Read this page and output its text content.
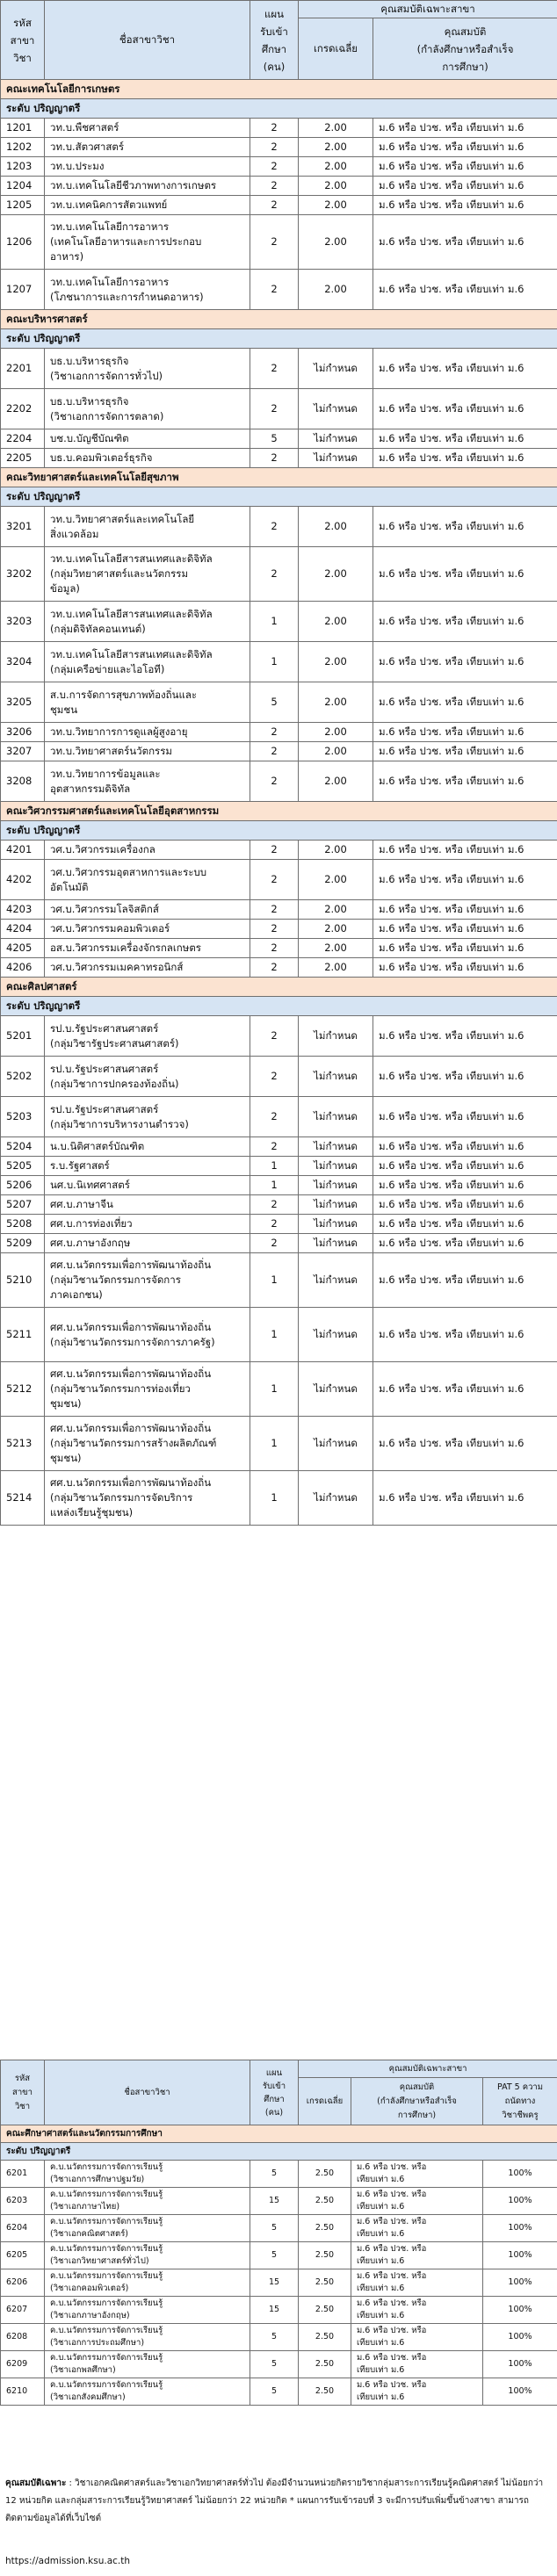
รหัส
สาขา
วิชา	ชื่อสาขาวิชา	แผน
รับเข้า
ศึกษา
(คน)	คุณสมบัติเฉพาะสาขา	
			เกรดเฉลี่ย	คุณสมบัติ
(กำลังศึกษาหรือสำเร็จ
การศึกษา)
คณะเทคโนโลยีการเกษตร				
ระดับ ปริญญาตรี				
1201	วท.บ.พืชศาสตร์	2	2.00	ม.6 หรือ ปวช. หรือ เทียบเท่า ม.6
1202	วท.บ.สัตวศาสตร์	2	2.00	ม.6 หรือ ปวช. หรือ เทียบเท่า ม.6
1203	วท.บ.ประมง	2	2.00	ม.6 หรือ ปวช. หรือ เทียบเท่า ม.6
1204	วท.บ.เทคโนโลยีชีวภาพทางการเกษตร	2	2.00	ม.6 หรือ ปวช. หรือ เทียบเท่า ม.6
1205	วท.บ.เทคนิคการสัตวแพทย์	2	2.00	ม.6 หรือ ปวช. หรือ เทียบเท่า ม.6
1206	วท.บ.เทคโนโลยีการอาหาร
(เทคโนโลยีอาหารและการประกอบ
อาหาร)	2	2.00	ม.6 หรือ ปวช. หรือ เทียบเท่า ม.6
1207	วท.บ.เทคโนโลยีการอาหาร
(โภชนาการและการกำหนดอาหาร)	2	2.00	ม.6 หรือ ปวช. หรือ เทียบเท่า ม.6
คณะบริหารศาสตร์				
ระดับ ปริญญาตรี				
2201	บธ.บ.บริหารธุรกิจ
(วิชาเอกการจัดการทั่วไป)	2	ไม่กำหนด	ม.6 หรือ ปวช. หรือ เทียบเท่า ม.6
2202	บธ.บ.บริหารธุรกิจ
(วิชาเอกการจัดการตลาด)	2	ไม่กำหนด	ม.6 หรือ ปวช. หรือ เทียบเท่า ม.6
2204	บช.บ.บัญชีบัณฑิต	5	ไม่กำหนด	ม.6 หรือ ปวช. หรือ เทียบเท่า ม.6
2205	บธ.บ.คอมพิวเตอร์ธุรกิจ	2	ไม่กำหนด	ม.6 หรือ ปวช. หรือ เทียบเท่า ม.6
คณะวิทยาศาสตร์และเทคโนโลยีสุขภาพ				
ระดับ ปริญญาตรี				
3201	วท.บ.วิทยาศาสตร์และเทคโนโลยี
สิ่งแวดล้อม	2	2.00	ม.6 หรือ ปวช. หรือ เทียบเท่า ม.6
3202	วท.บ.เทคโนโลยีสารสนเทศและดิจิทัล
(กลุ่มวิทยาศาสตร์และนวัตกรรม
ข้อมูล)	2	2.00	ม.6 หรือ ปวช. หรือ เทียบเท่า ม.6
3203	วท.บ.เทคโนโลยีสารสนเทศและดิจิทัล
(กลุ่มดิจิทัลคอนเทนต์)	1	2.00	ม.6 หรือ ปวช. หรือ เทียบเท่า ม.6
3204	วท.บ.เทคโนโลยีสารสนเทศและดิจิทัล
(กลุ่มเครือข่ายและไอโอที)	1	2.00	ม.6 หรือ ปวช. หรือ เทียบเท่า ม.6
3205	ส.บ.การจัดการสุขภาพท้องถิ่นและ
ชุมชน	5	2.00	ม.6 หรือ ปวช. หรือ เทียบเท่า ม.6
3206	วท.บ.วิทยาการการดูแลผู้สูงอายุ	2	2.00	ม.6 หรือ ปวช. หรือ เทียบเท่า ม.6
3207	วท.บ.วิทยาศาสตร์นวัตกรรม	2	2.00	ม.6 หรือ ปวช. หรือ เทียบเท่า ม.6
3208	วท.บ.วิทยาการข้อมูลและ
อุตสาหกรรมดิจิทัล	2	2.00	ม.6 หรือ ปวช. หรือ เทียบเท่า ม.6
คณะวิศวกรรมศาสตร์และเทคโนโลยีอุตสาหกรรม				
ระดับ ปริญญาตรี				
4201	วศ.บ.วิศวกรรมเครื่องกล	2	2.00	ม.6 หรือ ปวช. หรือ เทียบเท่า ม.6
4202	วศ.บ.วิศวกรรมอุตสาหการและระบบ
อัตโนมัติ	2	2.00	ม.6 หรือ ปวช. หรือ เทียบเท่า ม.6
4203	วศ.บ.วิศวกรรมโลจิสติกส์	2	2.00	ม.6 หรือ ปวช. หรือ เทียบเท่า ม.6
4204	วศ.บ.วิศวกรรมคอมพิวเตอร์	2	2.00	ม.6 หรือ ปวช. หรือ เทียบเท่า ม.6
4205	อส.บ.วิศวกรรมเครื่องจักรกลเกษตร	2	2.00	ม.6 หรือ ปวช. หรือ เทียบเท่า ม.6
4206	วศ.บ.วิศวกรรมเมคคาทรอนิกส์	2	2.00	ม.6 หรือ ปวช. หรือ เทียบเท่า ม.6
คณะศิลปศาสตร์				
ระดับ ปริญญาตรี				
5201	รป.บ.รัฐประศาสนศาสตร์
(กลุ่มวิชารัฐประศาสนศาสตร์)	2	ไม่กำหนด	ม.6 หรือ ปวช. หรือ เทียบเท่า ม.6
5202	รป.บ.รัฐประศาสนศาสตร์
(กลุ่มวิชาการปกครองท้องถิ่น)	2	ไม่กำหนด	ม.6 หรือ ปวช. หรือ เทียบเท่า ม.6
5203	รป.บ.รัฐประศาสนศาสตร์
(กลุ่มวิชาการบริหารงานตำรวจ)	2	ไม่กำหนด	ม.6 หรือ ปวช. หรือ เทียบเท่า ม.6
5204	น.บ.นิติศาสตร์บัณฑิต	2	ไม่กำหนด	ม.6 หรือ ปวช. หรือ เทียบเท่า ม.6
5205	ร.บ.รัฐศาสตร์	1	ไม่กำหนด	ม.6 หรือ ปวช. หรือ เทียบเท่า ม.6
5206	นศ.บ.นิเทศศาสตร์	1	ไม่กำหนด	ม.6 หรือ ปวช. หรือ เทียบเท่า ม.6
5207	ศศ.บ.ภาษาจีน	2	ไม่กำหนด	ม.6 หรือ ปวช. หรือ เทียบเท่า ม.6
5208	ศศ.บ.การท่องเที่ยว	2	ไม่กำหนด	ม.6 หรือ ปวช. หรือ เทียบเท่า ม.6
5209	ศศ.บ.ภาษาอังกฤษ	2	ไม่กำหนด	ม.6 หรือ ปวช. หรือ เทียบเท่า ม.6
5210	ศศ.บ.นวัตกรรมเพื่อการพัฒนาท้องถิ่น
(กลุ่มวิชานวัตกรรมการจัดการ
ภาคเอกชน)	1	ไม่กำหนด	ม.6 หรือ ปวช. หรือ เทียบเท่า ม.6
5211	ศศ.บ.นวัตกรรมเพื่อการพัฒนาท้องถิ่น
(กลุ่มวิชานวัตกรรมการจัดการภาครัฐ)	1	ไม่กำหนด	ม.6 หรือ ปวช. หรือ เทียบเท่า ม.6
5212	ศศ.บ.นวัตกรรมเพื่อการพัฒนาท้องถิ่น
(กลุ่มวิชานวัตกรรมการท่องเที่ยว
ชุมชน)	1	ไม่กำหนด	ม.6 หรือ ปวช. หรือ เทียบเท่า ม.6
5213	ศศ.บ.นวัตกรรมเพื่อการพัฒนาท้องถิ่น
(กลุ่มวิชานวัตกรรมการสร้างผลิตภัณฑ์
ชุมชน)	1	ไม่กำหนด	ม.6 หรือ ปวช. หรือ เทียบเท่า ม.6
5214	ศศ.บ.นวัตกรรมเพื่อการพัฒนาท้องถิ่น
(กลุ่มวิชานวัตกรรมการจัดบริการ
แหล่งเรียนรู้ชุมชน)	1	ไม่กำหนด	ม.6 หรือ ปวช. หรือ เทียบเท่า ม.6
รหัส
สาขา
วิชา	ชื่อสาขาวิชา	แผน
รับเข้า
ศึกษา
(คน)	คุณสมบัติเฉพาะสาขา		
			เกรดเฉลี่ย	คุณสมบัติ
(กำลังศึกษาหรือสำเร็จ
การศึกษา)	PAT 5 ความ
ถนัดทาง
วิชาชีพครู
คณะศึกษาศาสตร์และนวัตกรรมการศึกษา					
ระดับ ปริญญาตรี					
6201	ค.บ.นวัตกรรมการจัดการเรียนรู้
(วิชาเอกการศึกษาปฐมวัย)	5	2.50	ม.6 หรือ ปวช. หรือ
เทียบเท่า ม.6	100%
6203	ค.บ.นวัตกรรมการจัดการเรียนรู้
(วิชาเอกภาษาไทย)	15	2.50	ม.6 หรือ ปวช. หรือ
เทียบเท่า ม.6	100%
6204	ค.บ.นวัตกรรมการจัดการเรียนรู้
(วิชาเอกคณิตศาสตร์)	5	2.50	ม.6 หรือ ปวช. หรือ
เทียบเท่า ม.6	100%
6205	ค.บ.นวัตกรรมการจัดการเรียนรู้
(วิชาเอกวิทยาศาสตร์ทั่วไป)	5	2.50	ม.6 หรือ ปวช. หรือ
เทียบเท่า ม.6	100%
6206	ค.บ.นวัตกรรมการจัดการเรียนรู้
(วิชาเอกคอมพิวเตอร์)	15	2.50	ม.6 หรือ ปวช. หรือ
เทียบเท่า ม.6	100%
6207	ค.บ.นวัตกรรมการจัดการเรียนรู้
(วิชาเอกภาษาอังกฤษ)	15	2.50	ม.6 หรือ ปวช. หรือ
เทียบเท่า ม.6	100%
6208	ค.บ.นวัตกรรมการจัดการเรียนรู้
(วิชาเอกการประถมศึกษา)	5	2.50	ม.6 หรือ ปวช. หรือ
เทียบเท่า ม.6	100%
6209	ค.บ.นวัตกรรมการจัดการเรียนรู้
(วิชาเอกพลศึกษา)	5	2.50	ม.6 หรือ ปวช. หรือ
เทียบเท่า ม.6	100%
6210	ค.บ.นวัตกรรมการจัดการเรียนรู้
(วิชาเอกสังคมศึกษา)	5	2.50	ม.6 หรือ ปวช. หรือ
เทียบเท่า ม.6	100%
คุณสมบัติเฉพาะ : วิชาเอกคณิตศาสตร์และวิชาเอกวิทยาศาสตร์ทั่วไป ต้องมีจำนวนหน่วยกิตรายวิชากลุ่มสาระการเรียนรู้คณิตศาสตร์ ไม่น้อยกว่า 12 หน่วยกิต และกลุ่มสาระการเรียนรู้วิทยาศาสตร์ ไม่น้อยกว่า 22 หน่วยกิต * แผนการรับเข้ารอบที่ 3 จะมีการปรับเพิ่มขึ้นข้างสาขา สามารถติดตามข้อมูลได้ที่เว็บไซต์
https://admission.ksu.ac.th
